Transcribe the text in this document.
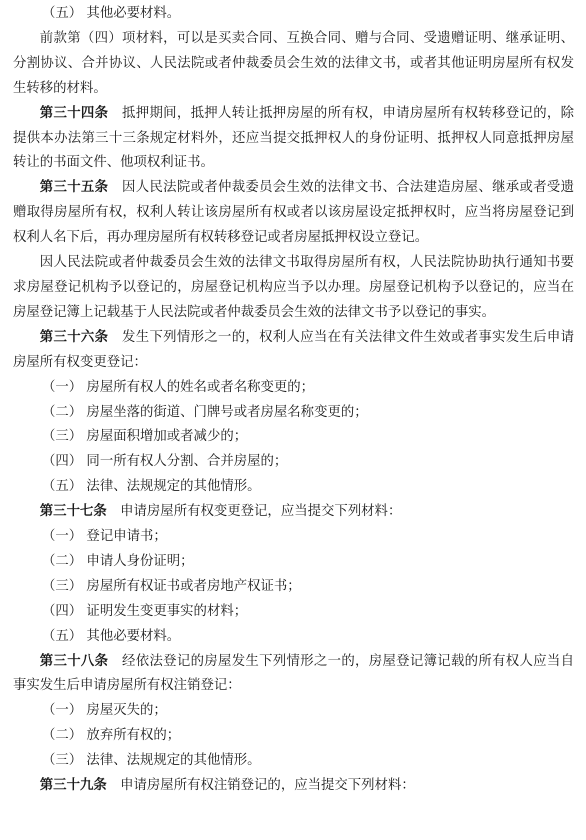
（五） 其他必要材料。

前款第（四）项材料，可以是买卖合同、互换合同、赠与合同、受遗赠证明、继承证明、分割协议、合并协议、人民法院或者仲裁委员会生效的法律文书，或者其他证明房屋所有权发生转移的材料。

第三十四条　 抵押期间，抵押人转让抵押房屋的所有权，申请房屋所有权转移登记的，除提供本办法第三十三条规定材料外，还应当提交抵押权人的身份证明、抵押权人同意抵押房屋转让的书面文件、他项权利证书。

第三十五条　 因人民法院或者仲裁委员会生效的法律文书、合法建造房屋、继承或者受遗赠取得房屋所有权，权利人转让该房屋所有权或者以该房屋设定抵押权时，应当将房屋登记到权利人名下后，再办理房屋所有权转移登记或者房屋抵押权设立登记。

因人民法院或者仲裁委员会生效的法律文书取得房屋所有权，人民法院协助执行通知书要求房屋登记机构予以登记的，房屋登记机构应当予以办理。房屋登记机构予以登记的，应当在房屋登记簿上记载基于人民法院或者仲裁委员会生效的法律文书予以登记的事实。

第三十六条　 发生下列情形之一的，权利人应当在有关法律文件生效或者事实发生后申请房屋所有权变更登记：

（一） 房屋所有权人的姓名或者名称变更的；

（二） 房屋坐落的街道、门牌号或者房屋名称变更的；

（三） 房屋面积增加或者减少的；

（四） 同一所有权人分割、合并房屋的；

（五） 法律、法规规定的其他情形。

第三十七条　 申请房屋所有权变更登记，应当提交下列材料：

（一） 登记申请书；

（二） 申请人身份证明；

（三） 房屋所有权证书或者房地产权证书；

（四） 证明发生变更事实的材料；

（五） 其他必要材料。

第三十八条　 经依法登记的房屋发生下列情形之一的，房屋登记簿记载的所有权人应当自事实发生后申请房屋所有权注销登记：

（一） 房屋灭失的；

（二） 放弃所有权的；

（三） 法律、法规规定的其他情形。

第三十九条　 申请房屋所有权注销登记的，应当提交下列材料：
